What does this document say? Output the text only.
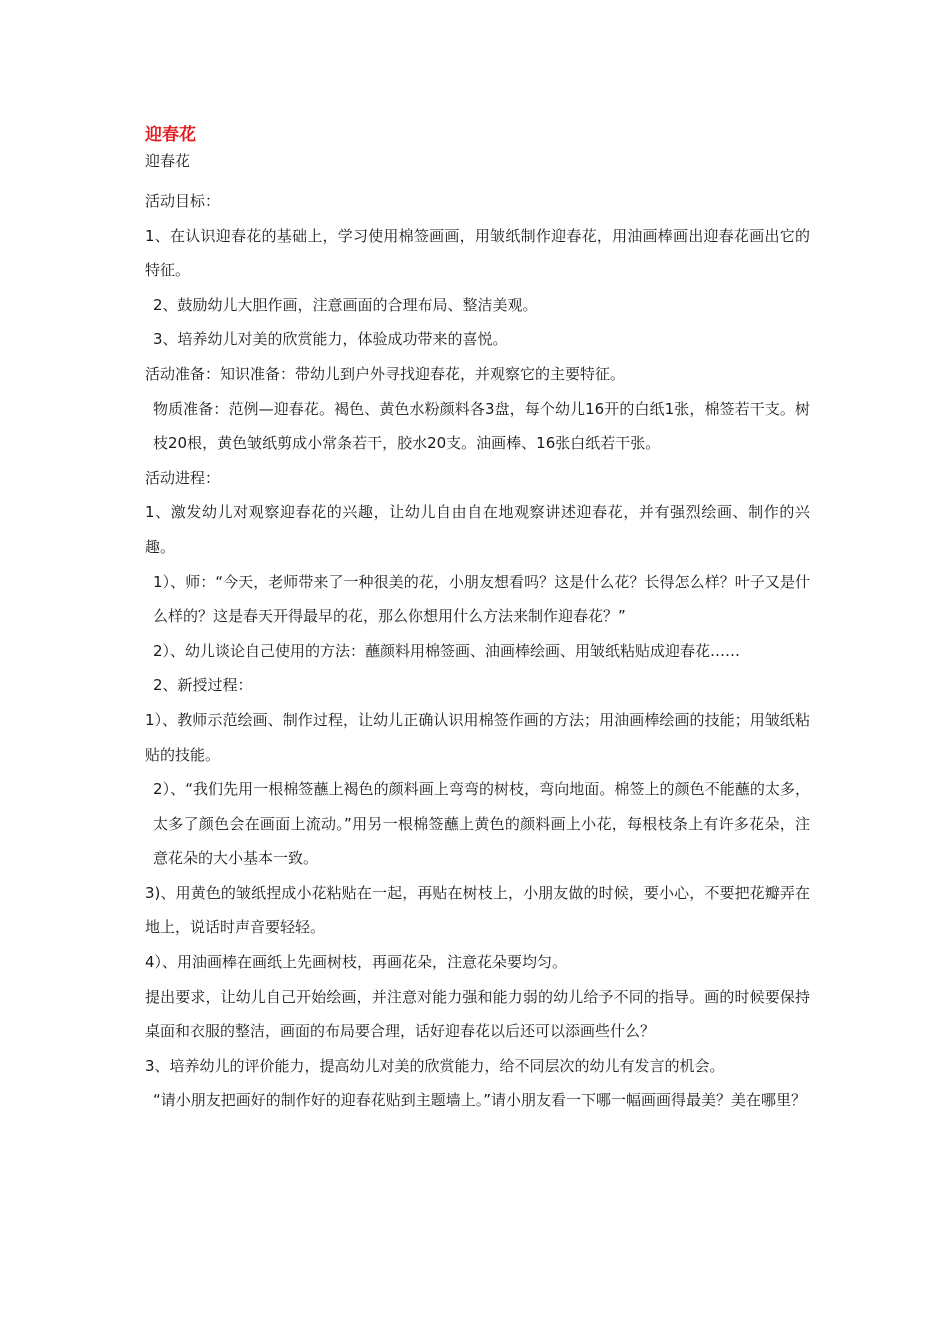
迎春花

迎春花

活动目标：

1、在认识迎春花的基础上，学习使用棉签画画，用皱纸制作迎春花，用油画棒画出迎春花画出它的特征。

2、鼓励幼儿大胆作画，注意画面的合理布局、整洁美观。

3、培养幼儿对美的欣赏能力，体验成功带来的喜悦。

活动准备：知识准备：带幼儿到户外寻找迎春花，并观察它的主要特征。

物质准备：范例—迎春花。褐色、黄色水粉颜料各3盘，每个幼儿16开的白纸1张，棉签若干支。树枝20根，黄色皱纸剪成小常条若干，胶水20支。油画棒、16张白纸若干张。

活动进程：

1、激发幼儿对观察迎春花的兴趣，让幼儿自由自在地观察讲述迎春花，并有强烈绘画、制作的兴趣。

1）、师：“今天，老师带来了一种很美的花，小朋友想看吗？这是什么花？长得怎么样？叶子又是什么样的？这是春天开得最早的花，那么你想用什么方法来制作迎春花？”

2）、幼儿谈论自己使用的方法：蘸颜料用棉签画、油画棒绘画、用皱纸粘贴成迎春花……

2、新授过程：

1）、教师示范绘画、制作过程，让幼儿正确认识用棉签作画的方法；用油画棒绘画的技能；用皱纸粘贴的技能。

2）、“我们先用一根棉签蘸上褐色的颜料画上弯弯的树枝，弯向地面。棉签上的颜色不能蘸的太多，太多了颜色会在画面上流动。”用另一根棉签蘸上黄色的颜料画上小花，每根枝条上有许多花朵，注意花朵的大小基本一致。

3)、用黄色的皱纸捏成小花粘贴在一起，再贴在树枝上，小朋友做的时候，要小心，不要把花瓣弄在地上，说话时声音要轻轻。

4）、用油画棒在画纸上先画树枝，再画花朵，注意花朵要均匀。

提出要求，让幼儿自己开始绘画，并注意对能力强和能力弱的幼儿给予不同的指导。画的时候要保持桌面和衣服的整洁，画面的布局要合理，话好迎春花以后还可以添画些什么？

3、培养幼儿的评价能力，提高幼儿对美的欣赏能力，给不同层次的幼儿有发言的机会。

“请小朋友把画好的制作好的迎春花贴到主题墙上。”请小朋友看一下哪一幅画画得最美？美在哪里？
